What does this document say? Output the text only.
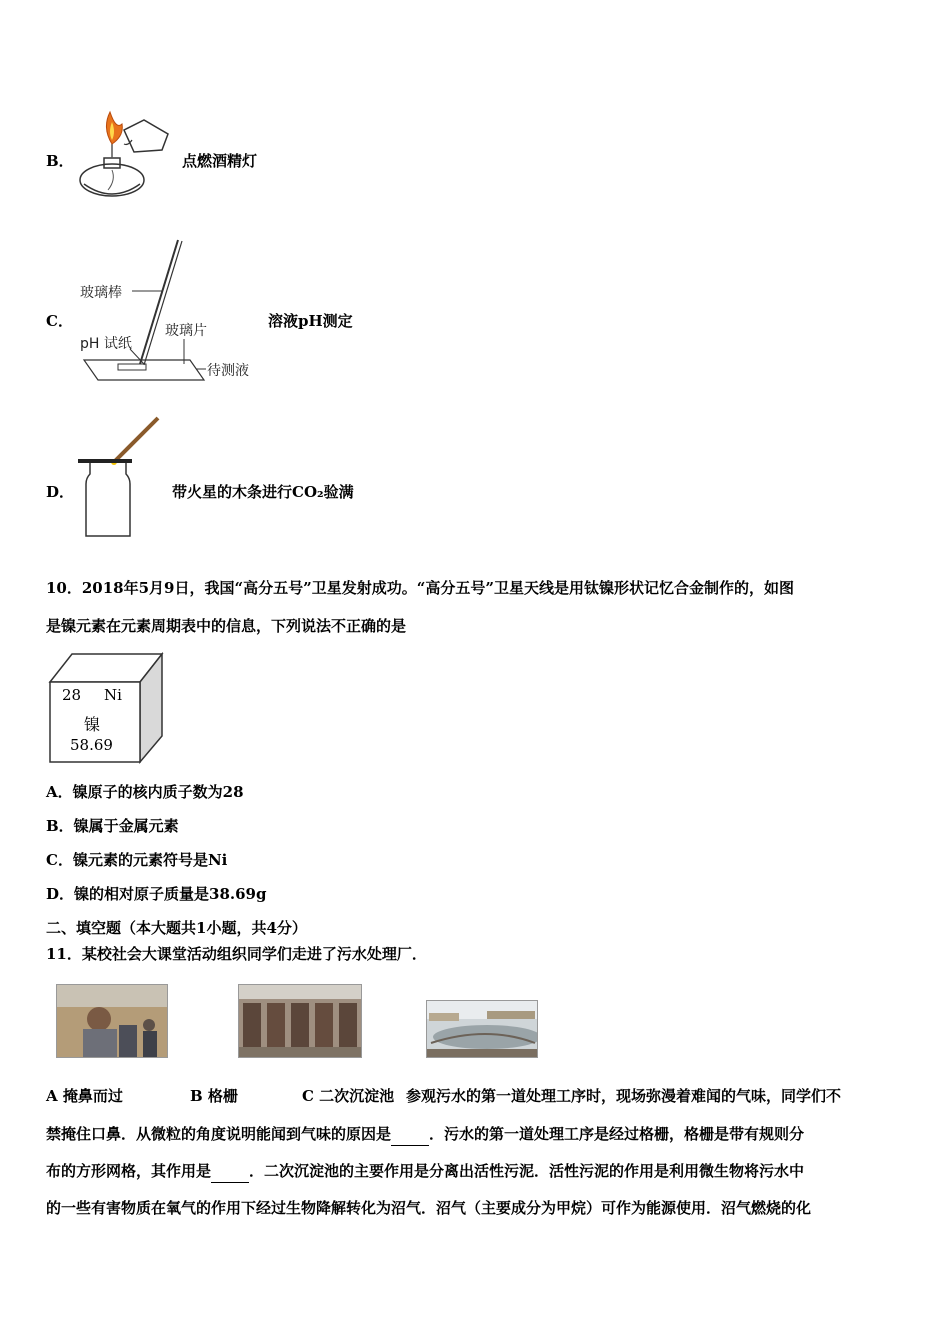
B．	点燃酒精灯
C．
玻璃棒
pH 试纸
玻璃片
待测液
溶液pH测定
D．	带火星的木条进行CO₂验满
10．2018年5月9日，我国“高分五号”卫星发射成功。“高分五号”卫星天线是用钛镍形状记忆合金制作的，如图
是镍元素在元素周期表中的信息，下列说法不正确的是
28 Ni
镍
58.69
A．镍原子的核内质子数为28
B．镍属于金属元素
C．镍元素的元素符号是Ni
D．镍的相对原子质量是38.69g
二、填空题（本大题共1小题，共4分）
11．某校社会大课堂活动组织同学们走进了污水处理厂．
A 掩鼻而过	B 格栅	C 二次沉淀池 参观污水的第一道处理工序时，现场弥漫着难闻的气味，同学们不
禁掩住口鼻．从微粒的角度说明能闻到气味的原因是	．污水的第一道处理工序是经过格栅，格栅是带有规则分
布的方形网格，其作用是	．二次沉淀池的主要作用是分离出活性污泥．活性污泥的作用是利用微生物将污水中
的一些有害物质在氧气的作用下经过生物降解转化为沼气．沼气（主要成分为甲烷）可作为能源使用．沼气燃烧的化
